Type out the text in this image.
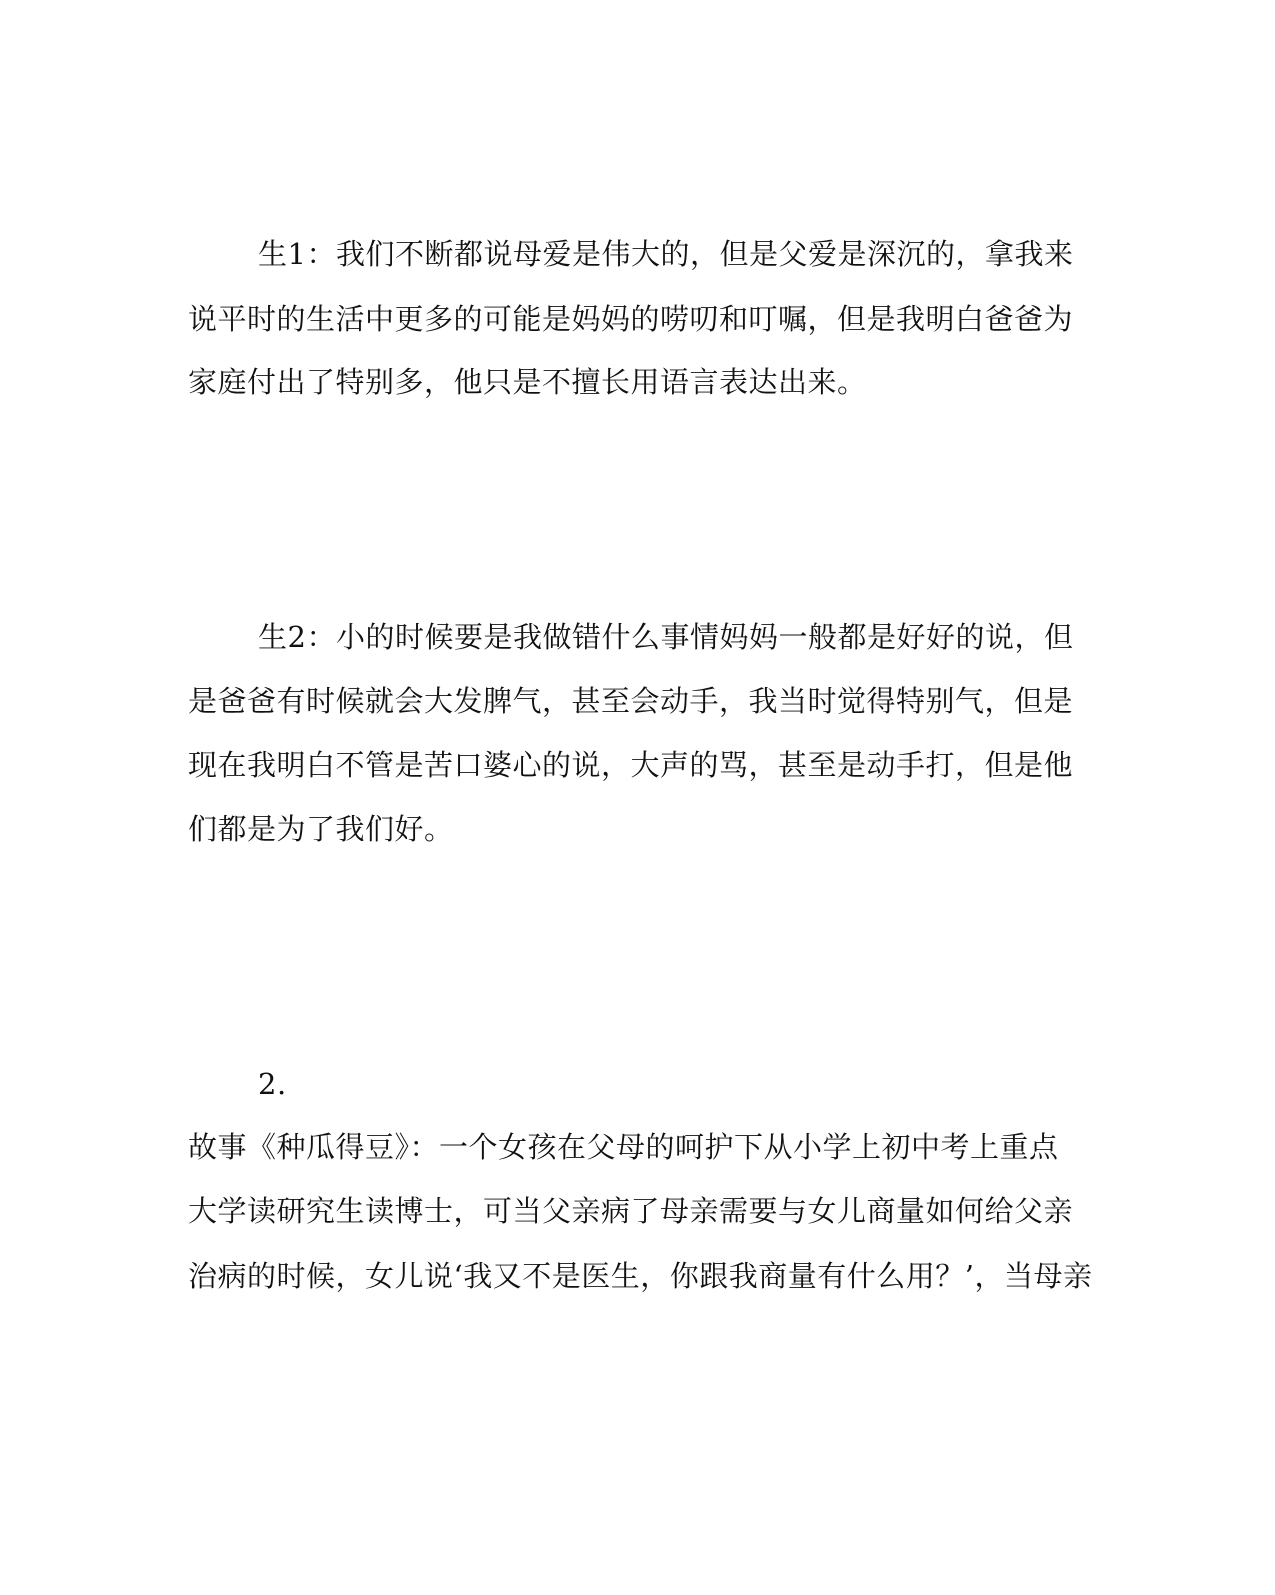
生1：我们不断都说母爱是伟大的，但是父爱是深沉的，拿我来
说平时的生活中更多的可能是妈妈的唠叨和叮嘱，但是我明白爸爸为
家庭付出了特别多，他只是不擅长用语言表达出来。
生2：小的时候要是我做错什么事情妈妈一般都是好好的说，但
是爸爸有时候就会大发脾气，甚至会动手，我当时觉得特别气，但是
现在我明白不管是苦口婆心的说，大声的骂，甚至是动手打，但是他
们都是为了我们好。
2.
故事《种瓜得豆》：一个女孩在父母的呵护下从小学上初中考上重点
大学读研究生读博士，可当父亲病了母亲需要与女儿商量如何给父亲
治病的时候，女儿说‘我又不是医生，你跟我商量有什么用？’，当母亲
